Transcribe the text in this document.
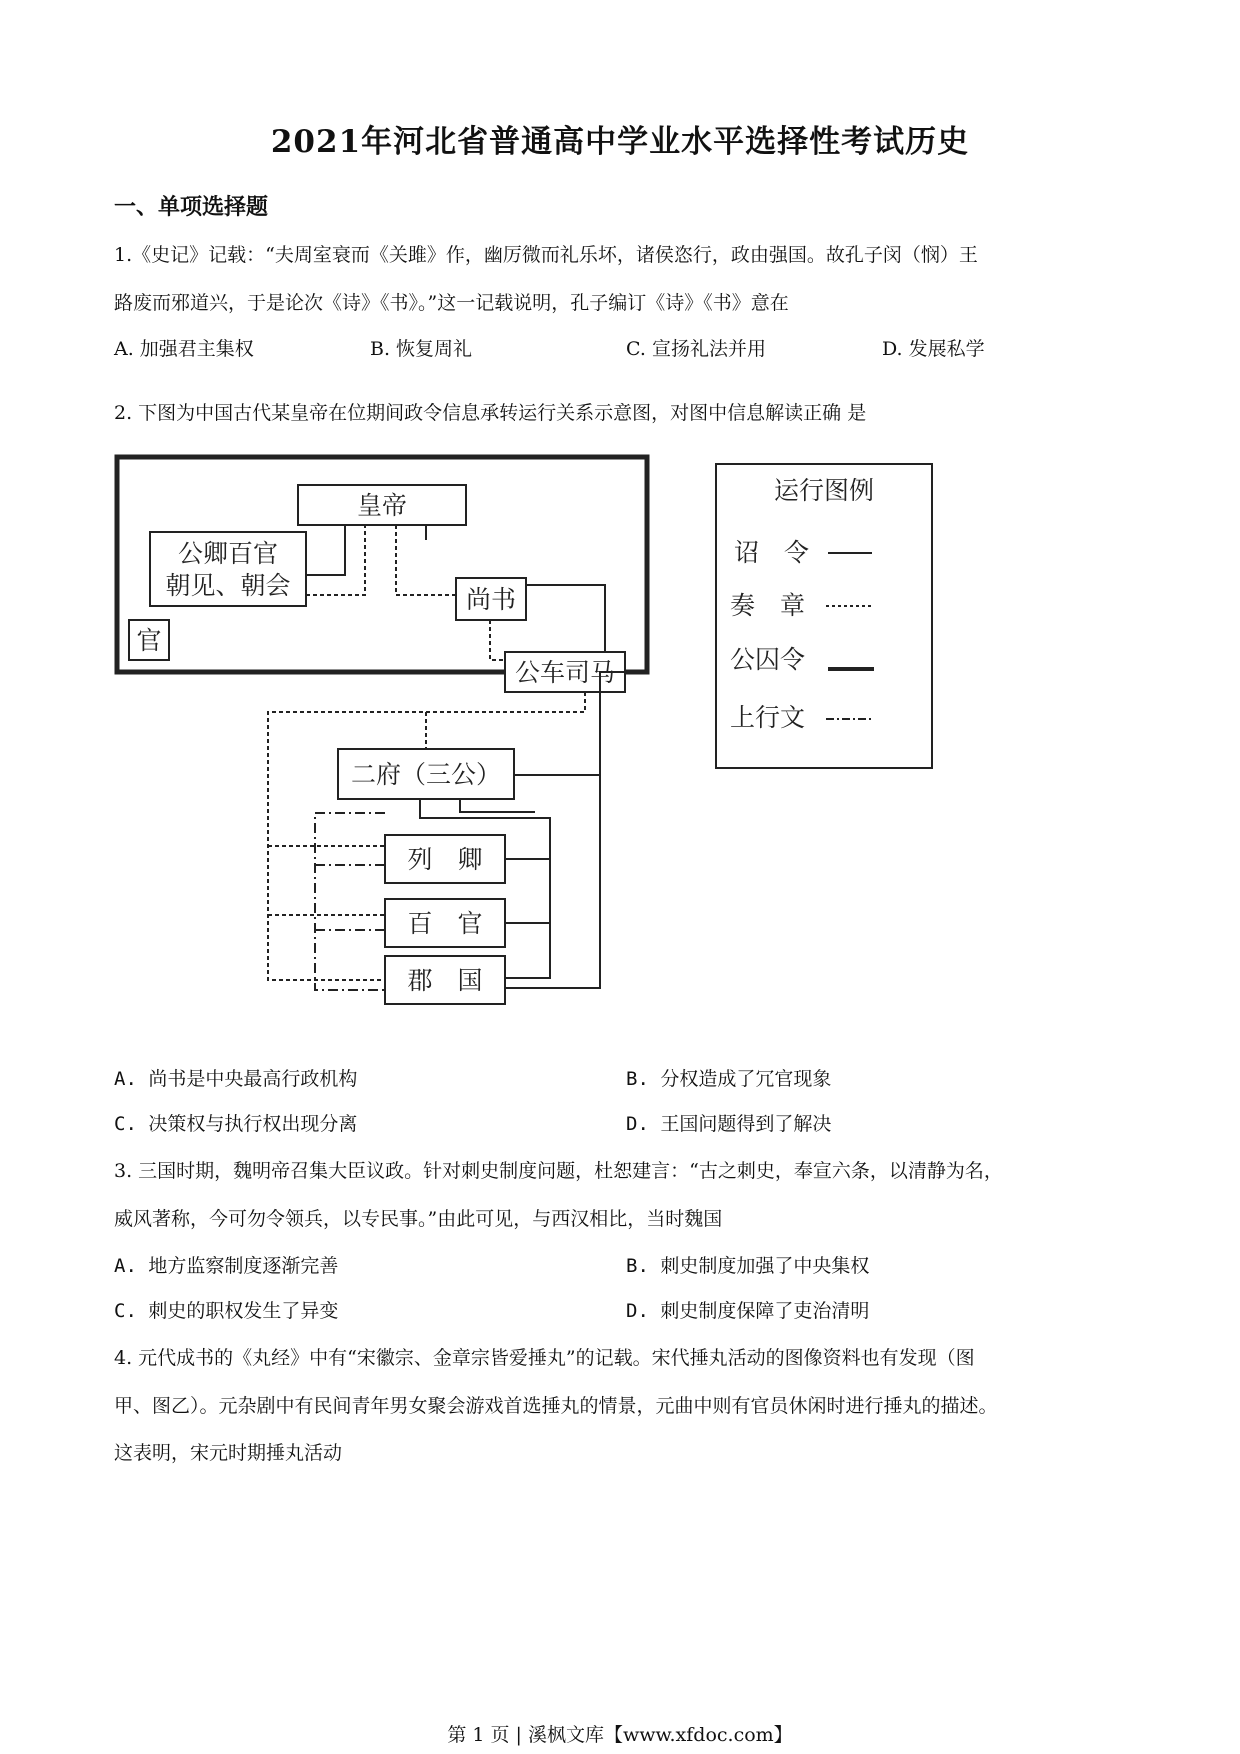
2021年河北省普通高中学业水平选择性考试历史
一、单项选择题
1.《史记》记载：“夫周室衰而《关雎》作，幽厉微而礼乐坏，诸侯恣行，政由强国。故孔子闵（悯）王
路废而邪道兴，于是论次《诗》《书》。”这一记载说明，孔子编订《诗》《书》意在
A. 加强君主集权	B. 恢复周礼	C. 宣扬礼法并用	D. 发展私学
2. 下图为中国古代某皇帝在位期间政令信息承转运行关系示意图，对图中信息解读正确 是
皇帝
公卿百官
朝见、朝会
官
尚书
公车司马
二府（三公）
列　卿
百　官
郡　国
运行图例
诏　令
奏　章
公囚令
上行文
A. 尚书是中央最高行政机构	B. 分权造成了冗官现象
C. 决策权与执行权出现分离	D. 王国问题得到了解决
3. 三国时期，魏明帝召集大臣议政。针对刺史制度问题，杜恕建言：“古之刺史，奉宣六条，以清静为名，
威风著称，今可勿令领兵，以专民事。”由此可见，与西汉相比，当时魏国
A. 地方监察制度逐渐完善	B. 刺史制度加强了中央集权
C. 刺史的职权发生了异变	D. 刺史制度保障了吏治清明
4. 元代成书的《丸经》中有“宋徽宗、金章宗皆爱捶丸”的记载。宋代捶丸活动的图像资料也有发现（图
甲、图乙）。元杂剧中有民间青年男女聚会游戏首选捶丸的情景，元曲中则有官员休闲时进行捶丸的描述。
这表明，宋元时期捶丸活动
第 1 页 | 溪枫文库【www.xfdoc.com】
